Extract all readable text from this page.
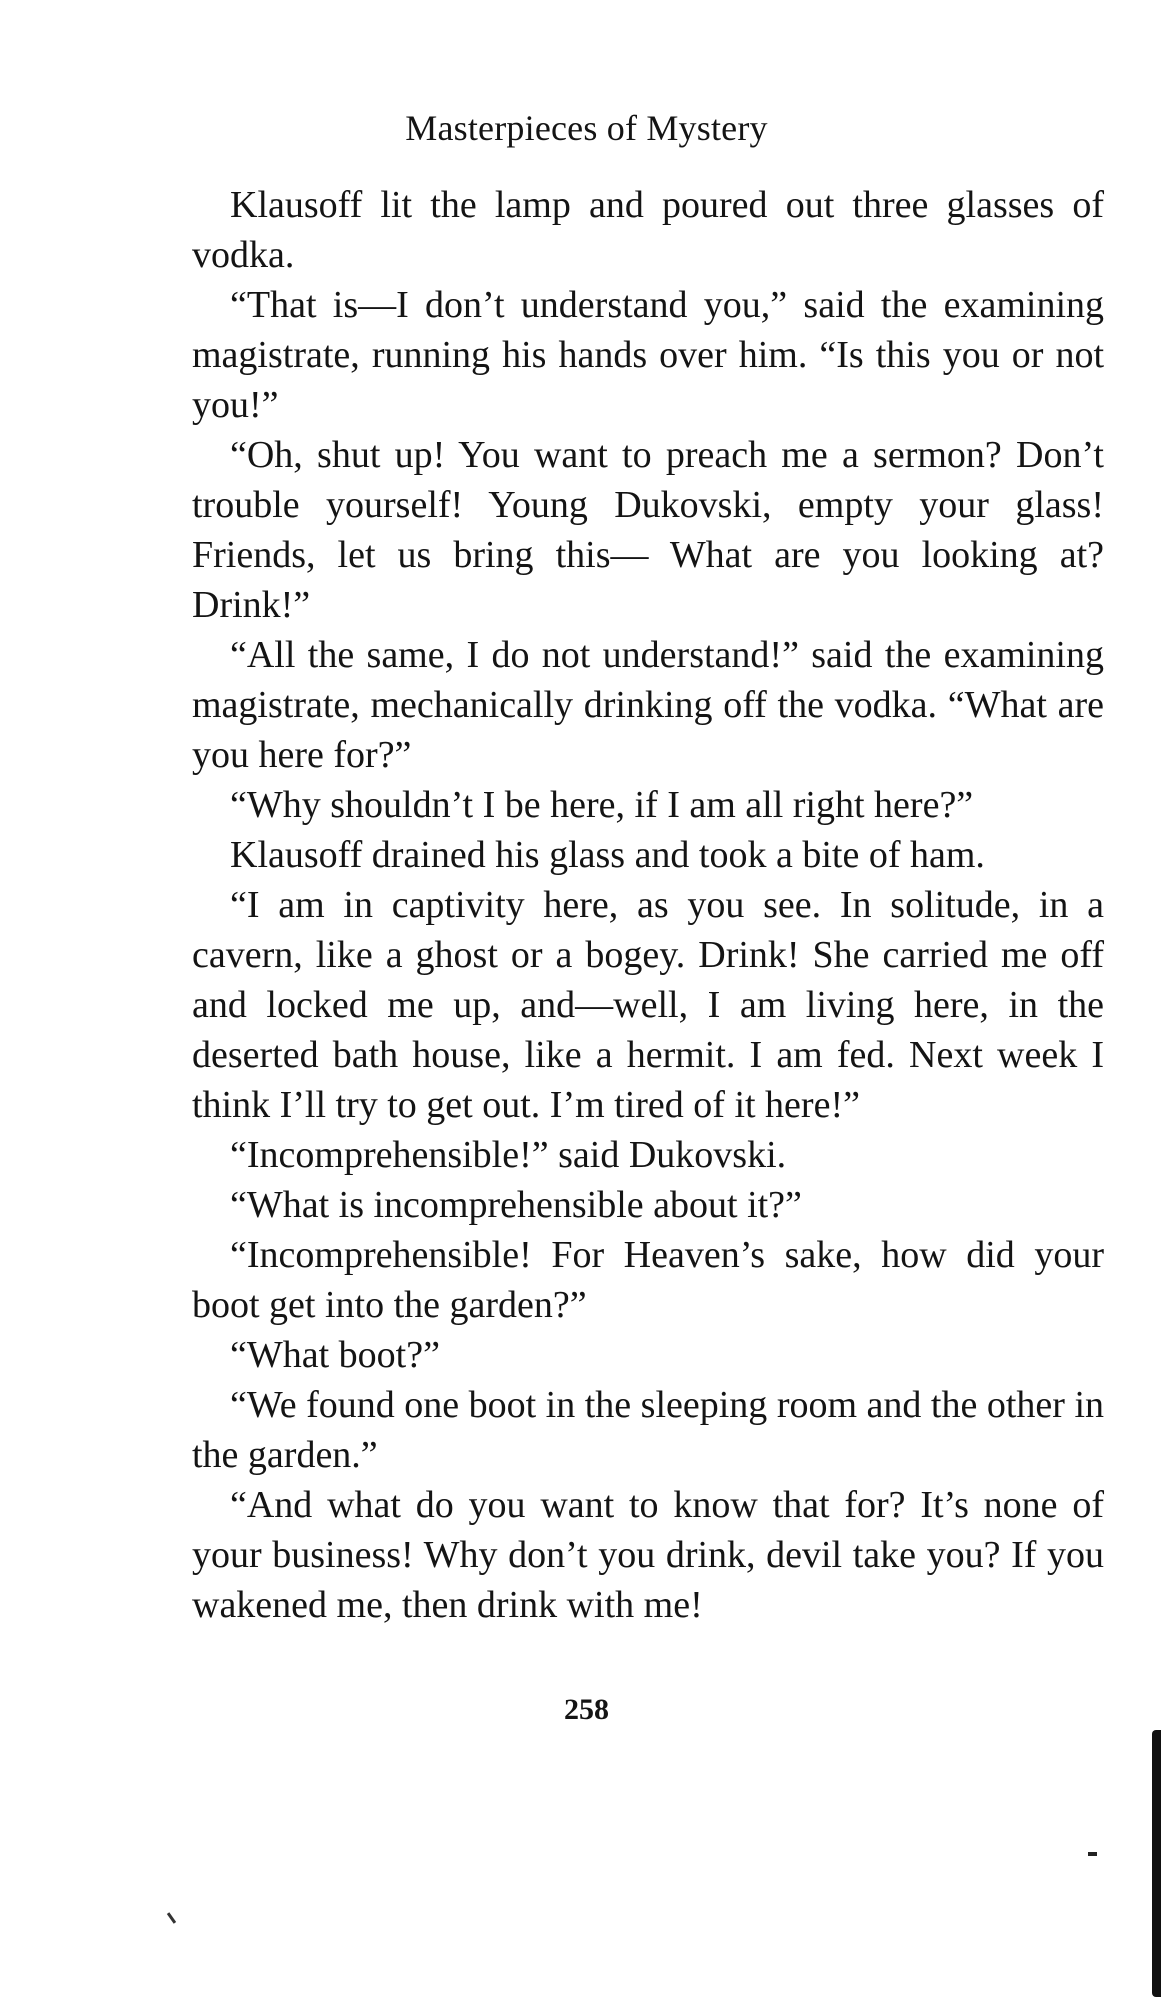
Masterpieces of Mystery

Klausoff lit the lamp and poured out three glasses of vodka.

“That is—I don’t understand you,” said the examining magistrate, running his hands over him. “Is this you or not you!”

“Oh, shut up! You want to preach me a sermon? Don’t trouble yourself! Young Dukovski, empty your glass! Friends, let us bring this— What are you looking at? Drink!”

“All the same, I do not understand!” said the examining magistrate, mechanically drinking off the vodka. “What are you here for?”

“Why shouldn’t I be here, if I am all right here?”

Klausoff drained his glass and took a bite of ham.

“I am in captivity here, as you see. In solitude, in a cavern, like a ghost or a bogey. Drink! She carried me off and locked me up, and—well, I am living here, in the deserted bath house, like a hermit. I am fed. Next week I think I’ll try to get out. I’m tired of it here!”

“Incomprehensible!” said Dukovski.

“What is incomprehensible about it?”

“Incomprehensible! For Heaven’s sake, how did your boot get into the garden?”

“What boot?”

“We found one boot in the sleeping room and the other in the garden.”

“And what do you want to know that for? It’s none of your business! Why don’t you drink, devil take you? If you wakened me, then drink with me!

258
